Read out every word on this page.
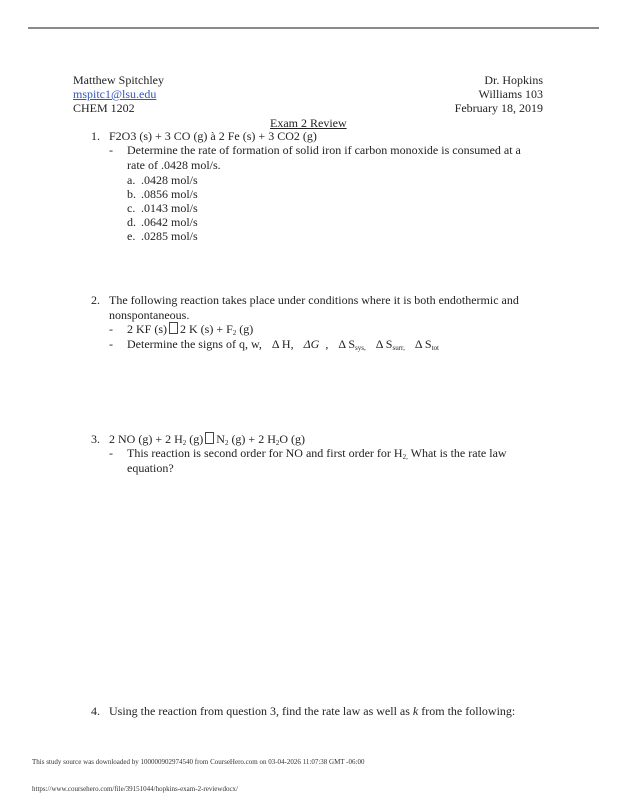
Matthew Spitchley
mspitc1@lsu.edu
CHEM 1202
Dr. Hopkins
Williams 103
February 18, 2019
Exam 2 Review
1. F2O3 (s) + 3 CO (g) à 2 Fe (s) + 3 CO2 (g)
- Determine the rate of formation of solid iron if carbon monoxide is consumed at a
rate of .0428 mol/s.
a. .0428 mol/s
b. .0856 mol/s
c. .0143 mol/s
d. .0642 mol/s
e. .0285 mol/s
2. The following reaction takes place under conditions where it is both endothermic and
nonspontaneous.
- 2 KF (s) 2 K $(s) + F_2$ (g)
- Determine the signs of q, w, Δ H, ΔG , Δ $S_{sys,}$ Δ $S_{surr,}$ Δ $S_{tot}$
3. 2 NO (g) + 2 $H_2$ (g) $N_2$ (g) + 2 $H_2O$ (g)
- This reaction is second order for NO and first order for $H_{2,}$ What is the rate law
equation?
4. Using the reaction from question 3, find the rate law as well as k from the following:
This study source was downloaded by 100000902974540 from CourseHero.com on 03-04-2026 11:07:38 GMT -06:00
https://www.coursehero.com/file/39151044/hopkins-exam-2-reviewdocx/
